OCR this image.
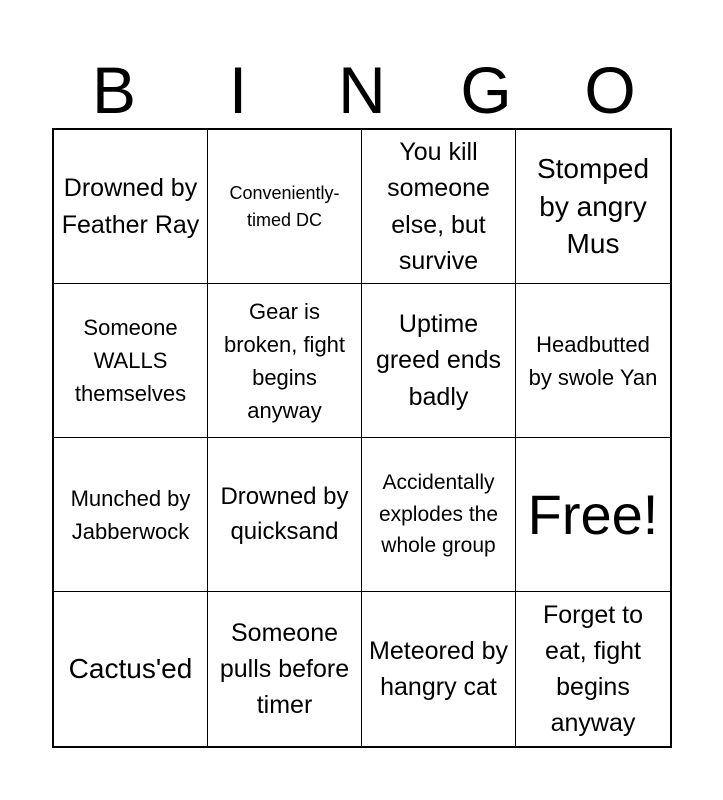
B	I	N	G	O
Drowned by Feather Ray
Conveniently-timed DC
You kill someone else, but survive
Stomped by angry Mus
Someone WALLS themselves
Gear is broken, fight begins anyway
Uptime greed ends badly
Headbutted by swole Yan
Munched by Jabberwock
Drowned by quicksand
Accidentally explodes the whole group
Free!
Cactus'ed
Someone pulls before timer
Meteored by hangry cat
Forget to eat, fight begins anyway
